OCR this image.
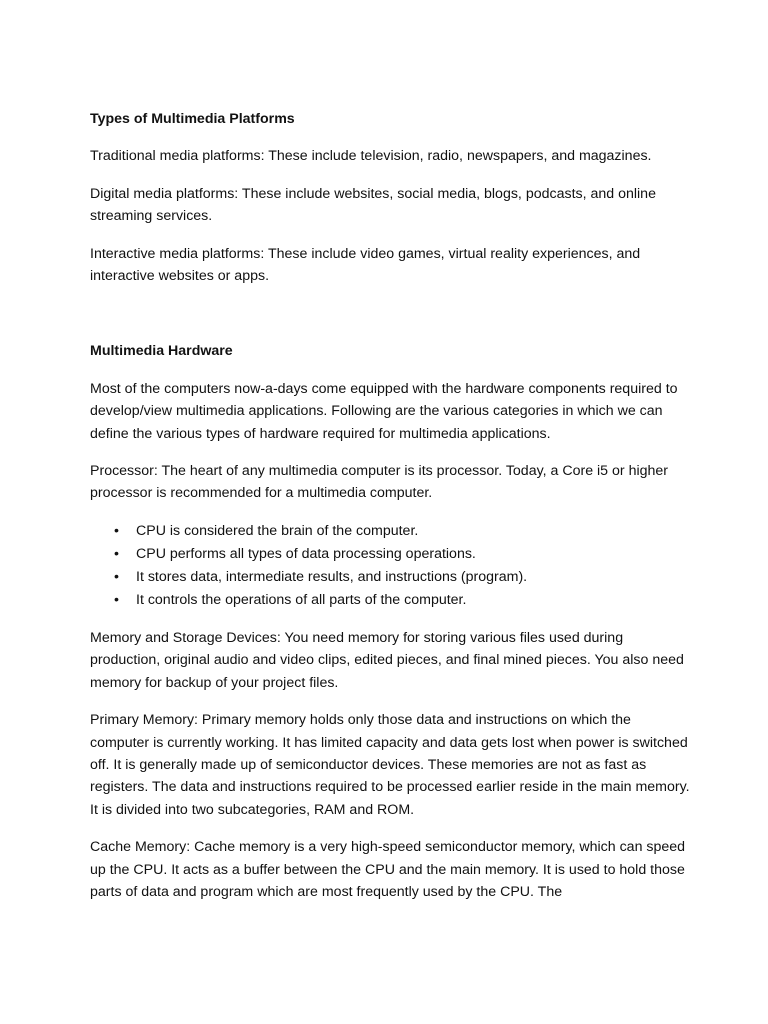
Types of Multimedia Platforms

Traditional media platforms: These include television, radio, newspapers, and magazines.

Digital media platforms: These include websites, social media, blogs, podcasts, and online streaming services.

Interactive media platforms: These include video games, virtual reality experiences, and interactive websites or apps.

Multimedia Hardware

Most of the computers now-a-days come equipped with the hardware components required to develop/view multimedia applications. Following are the various categories in which we can define the various types of hardware required for multimedia applications.

Processor: The heart of any multimedia computer is its processor. Today, a Core i5 or higher processor is recommended for a multimedia computer.

• CPU is considered the brain of the computer.
• CPU performs all types of data processing operations.
• It stores data, intermediate results, and instructions (program).
• It controls the operations of all parts of the computer.

Memory and Storage Devices: You need memory for storing various files used during production, original audio and video clips, edited pieces, and final mined pieces. You also need memory for backup of your project files.

Primary Memory: Primary memory holds only those data and instructions on which the computer is currently working. It has limited capacity and data gets lost when power is switched off. It is generally made up of semiconductor devices. These memories are not as fast as registers. The data and instructions required to be processed earlier reside in the main memory. It is divided into two subcategories, RAM and ROM.

Cache Memory: Cache memory is a very high-speed semiconductor memory, which can speed up the CPU. It acts as a buffer between the CPU and the main memory. It is used to hold those parts of data and program which are most frequently used by the CPU. The
